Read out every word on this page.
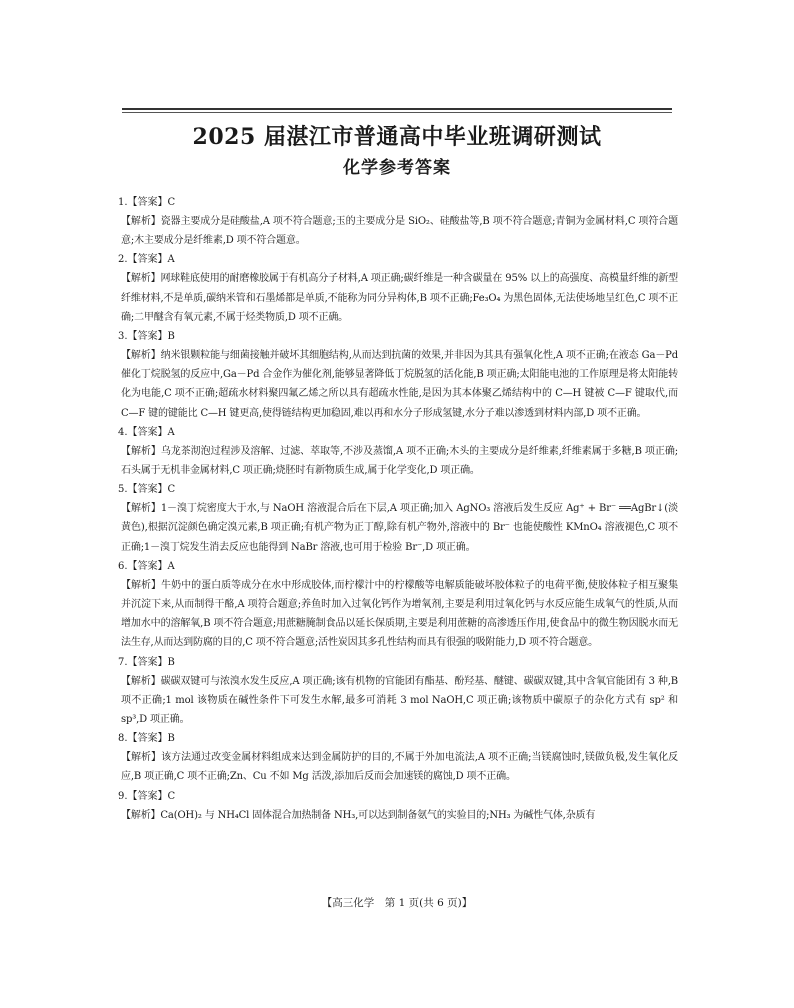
2025 届湛江市普通高中毕业班调研测试
化学参考答案

1.【答案】C

【解析】瓷器主要成分是硅酸盐,A 项不符合题意;玉的主要成分是 SiO₂、硅酸盐等,B 项不符合题意;青铜为金属材料,C 项符合题意;木主要成分是纤维素,D 项不符合题意。

2.【答案】A

【解析】网球鞋底使用的耐磨橡胶属于有机高分子材料,A 项正确;碳纤维是一种含碳量在 95% 以上的高强度、高模量纤维的新型纤维材料,不是单质,碳纳米管和石墨烯都是单质,不能称为同分异构体,B 项不正确;Fe₃O₄ 为黑色固体,无法使场地呈红色,C 项不正确;二甲醚含有氧元素,不属于烃类物质,D 项不正确。

3.【答案】B

【解析】纳米银颗粒能与细菌接触并破坏其细胞结构,从而达到抗菌的效果,并非因为其具有强氧化性,A 项不正确;在液态 Ga－Pd 催化丁烷脱氢的反应中,Ga－Pd 合金作为催化剂,能够显著降低丁烷脱氢的活化能,B 项正确;太阳能电池的工作原理是将太阳能转化为电能,C 项不正确;超疏水材料聚四氟乙烯之所以具有超疏水性能,是因为其本体聚乙烯结构中的 C—H 键被 C—F 键取代,而 C—F 键的键能比 C—H 键更高,使得链结构更加稳固,难以再和水分子形成氢键,水分子难以渗透到材料内部,D 项不正确。

4.【答案】A

【解析】乌龙茶沏泡过程涉及溶解、过滤、萃取等,不涉及蒸馏,A 项不正确;木头的主要成分是纤维素,纤维素属于多糖,B 项正确;石头属于无机非金属材料,C 项正确;烧胚时有新物质生成,属于化学变化,D 项正确。

5.【答案】C

【解析】1－溴丁烷密度大于水,与 NaOH 溶液混合后在下层,A 项正确;加入 AgNO₃ 溶液后发生反应 Ag⁺ + Br⁻ ══AgBr↓(淡黄色),根据沉淀颜色确定溴元素,B 项正确;有机产物为正丁醇,除有机产物外,溶液中的 Br⁻ 也能使酸性 KMnO₄ 溶液褪色,C 项不正确;1－溴丁烷发生消去反应也能得到 NaBr 溶液,也可用于检验 Br⁻,D 项正确。

6.【答案】A

【解析】牛奶中的蛋白质等成分在水中形成胶体,而柠檬汁中的柠檬酸等电解质能破坏胶体粒子的电荷平衡,使胶体粒子相互聚集并沉淀下来,从而制得干酪,A 项符合题意;养鱼时加入过氧化钙作为增氧剂,主要是利用过氧化钙与水反应能生成氧气的性质,从而增加水中的溶解氧,B 项不符合题意;用蔗糖腌制食品以延长保质期,主要是利用蔗糖的高渗透压作用,使食品中的微生物因脱水而无法生存,从而达到防腐的目的,C 项不符合题意;活性炭因其多孔性结构而具有很强的吸附能力,D 项不符合题意。

7.【答案】B

【解析】碳碳双键可与浓溴水发生反应,A 项正确;该有机物的官能团有酯基、酚羟基、醚键、碳碳双键,其中含氧官能团有 3 种,B 项不正确;1 mol 该物质在碱性条件下可发生水解,最多可消耗 3 mol NaOH,C 项正确;该物质中碳原子的杂化方式有 sp² 和 sp³,D 项正确。

8.【答案】B

【解析】该方法通过改变金属材料组成来达到金属防护的目的,不属于外加电流法,A 项不正确;当镁腐蚀时,镁做负极,发生氧化反应,B 项正确,C 项不正确;Zn、Cu 不如 Mg 活泼,添加后反而会加速镁的腐蚀,D 项不正确。

9.【答案】C

【解析】Ca(OH)₂ 与 NH₄Cl 固体混合加热制备 NH₃,可以达到制备氨气的实验目的;NH₃ 为碱性气体,杂质有

【高三化学　第 1 页(共 6 页)】
